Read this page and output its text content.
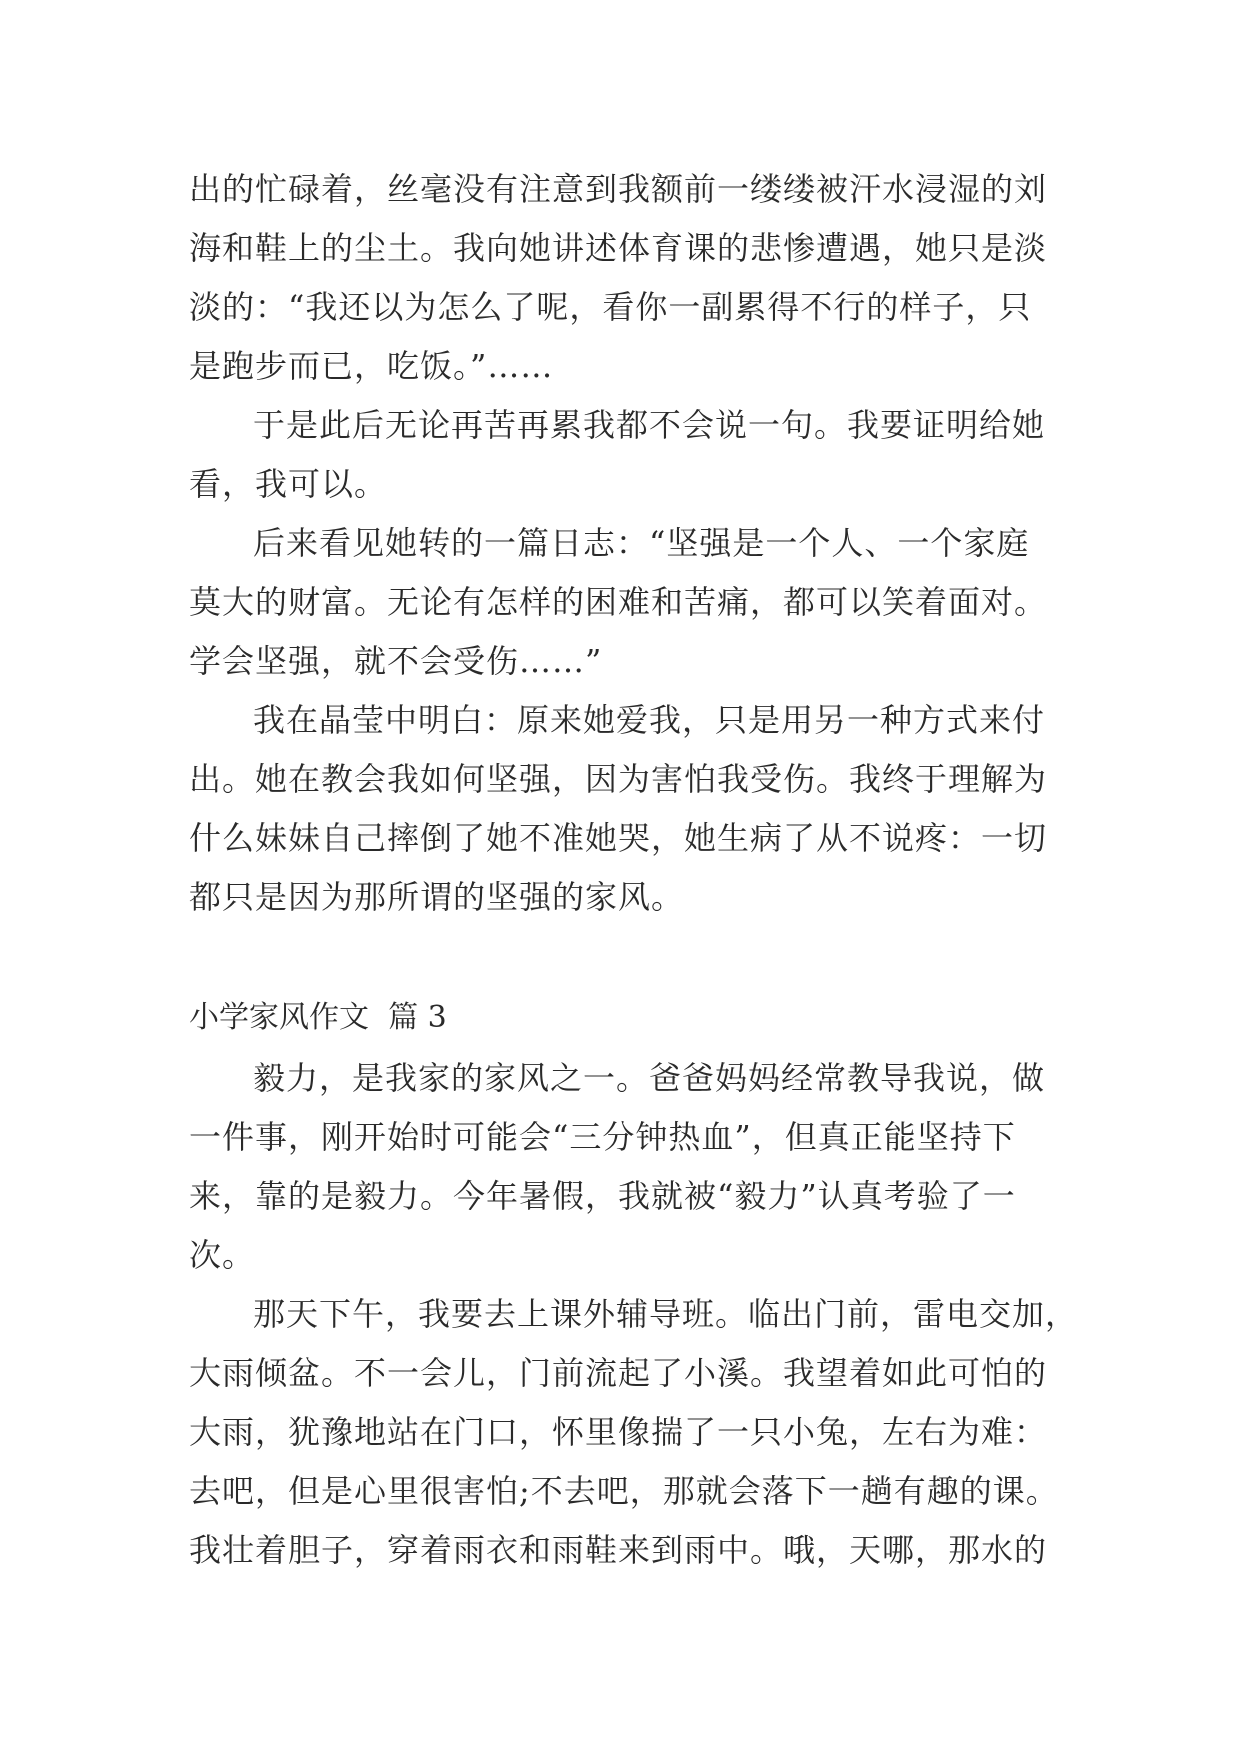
出的忙碌着，丝毫没有注意到我额前一缕缕被汗水浸湿的刘
海和鞋上的尘土。我向她讲述体育课的悲惨遭遇，她只是淡
淡的：“我还以为怎么了呢，看你一副累得不行的样子，只
是跑步而已，吃饭。”……
于是此后无论再苦再累我都不会说一句。我要证明给她
看，我可以。
后来看见她转的一篇日志：“坚强是一个人、一个家庭
莫大的财富。无论有怎样的困难和苦痛，都可以笑着面对。
学会坚强，就不会受伤……”
我在晶莹中明白：原来她爱我，只是用另一种方式来付
出。她在教会我如何坚强，因为害怕我受伤。我终于理解为
什么妹妹自己摔倒了她不准她哭，她生病了从不说疼：一切
都只是因为那所谓的坚强的家风。
小学家风作文  篇 3
毅力，是我家的家风之一。爸爸妈妈经常教导我说，做
一件事，刚开始时可能会“三分钟热血”，但真正能坚持下
来，靠的是毅力。今年暑假，我就被“毅力”认真考验了一
次。
那天下午，我要去上课外辅导班。临出门前，雷电交加，
大雨倾盆。不一会儿，门前流起了小溪。我望着如此可怕的
大雨，犹豫地站在门口，怀里像揣了一只小兔，左右为难：
去吧，但是心里很害怕;不去吧，那就会落下一趟有趣的课。
我壮着胆子，穿着雨衣和雨鞋来到雨中。哦，天哪，那水的
